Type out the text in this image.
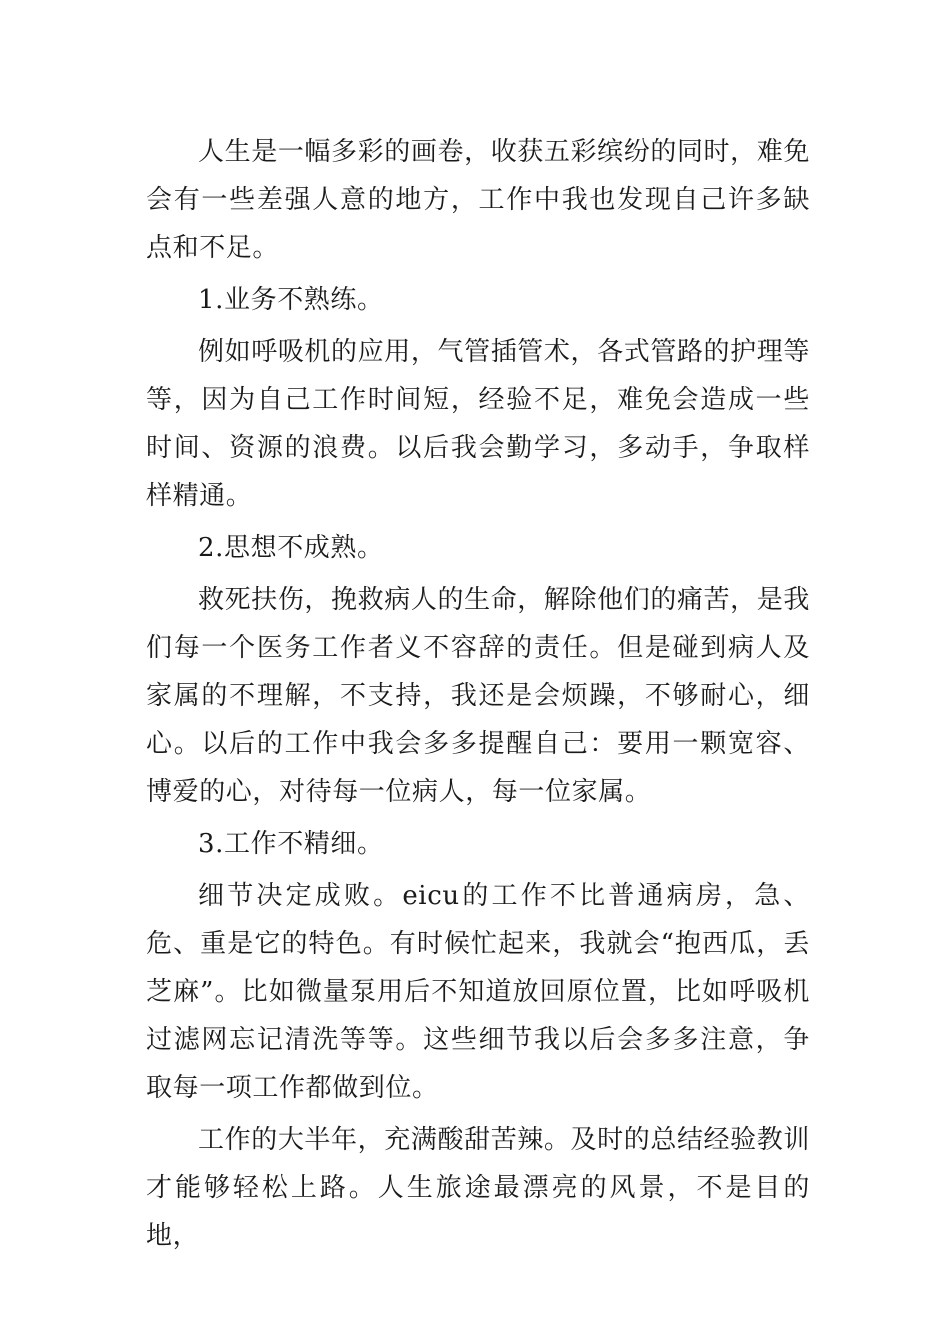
人生是一幅多彩的画卷，收获五彩缤纷的同时，难免会有一些差强人意的地方，工作中我也发现自己许多缺点和不足。

1.业务不熟练。

例如呼吸机的应用，气管插管术，各式管路的护理等等，因为自己工作时间短，经验不足，难免会造成一些时间、资源的浪费。以后我会勤学习，多动手，争取样样精通。

2.思想不成熟。

救死扶伤，挽救病人的生命，解除他们的痛苦，是我们每一个医务工作者义不容辞的责任。但是碰到病人及家属的不理解，不支持，我还是会烦躁，不够耐心，细心。以后的工作中我会多多提醒自己：要用一颗宽容、博爱的心，对待每一位病人，每一位家属。

3.工作不精细。

细节决定成败。eicu的工作不比普通病房，急、危、重是它的特色。有时候忙起来，我就会“抱西瓜，丢芝麻”。比如微量泵用后不知道放回原位置，比如呼吸机过滤网忘记清洗等等。这些细节我以后会多多注意，争取每一项工作都做到位。

工作的大半年，充满酸甜苦辣。及时的总结经验教训才能够轻松上路。人生旅途最漂亮的风景，不是目的地，
